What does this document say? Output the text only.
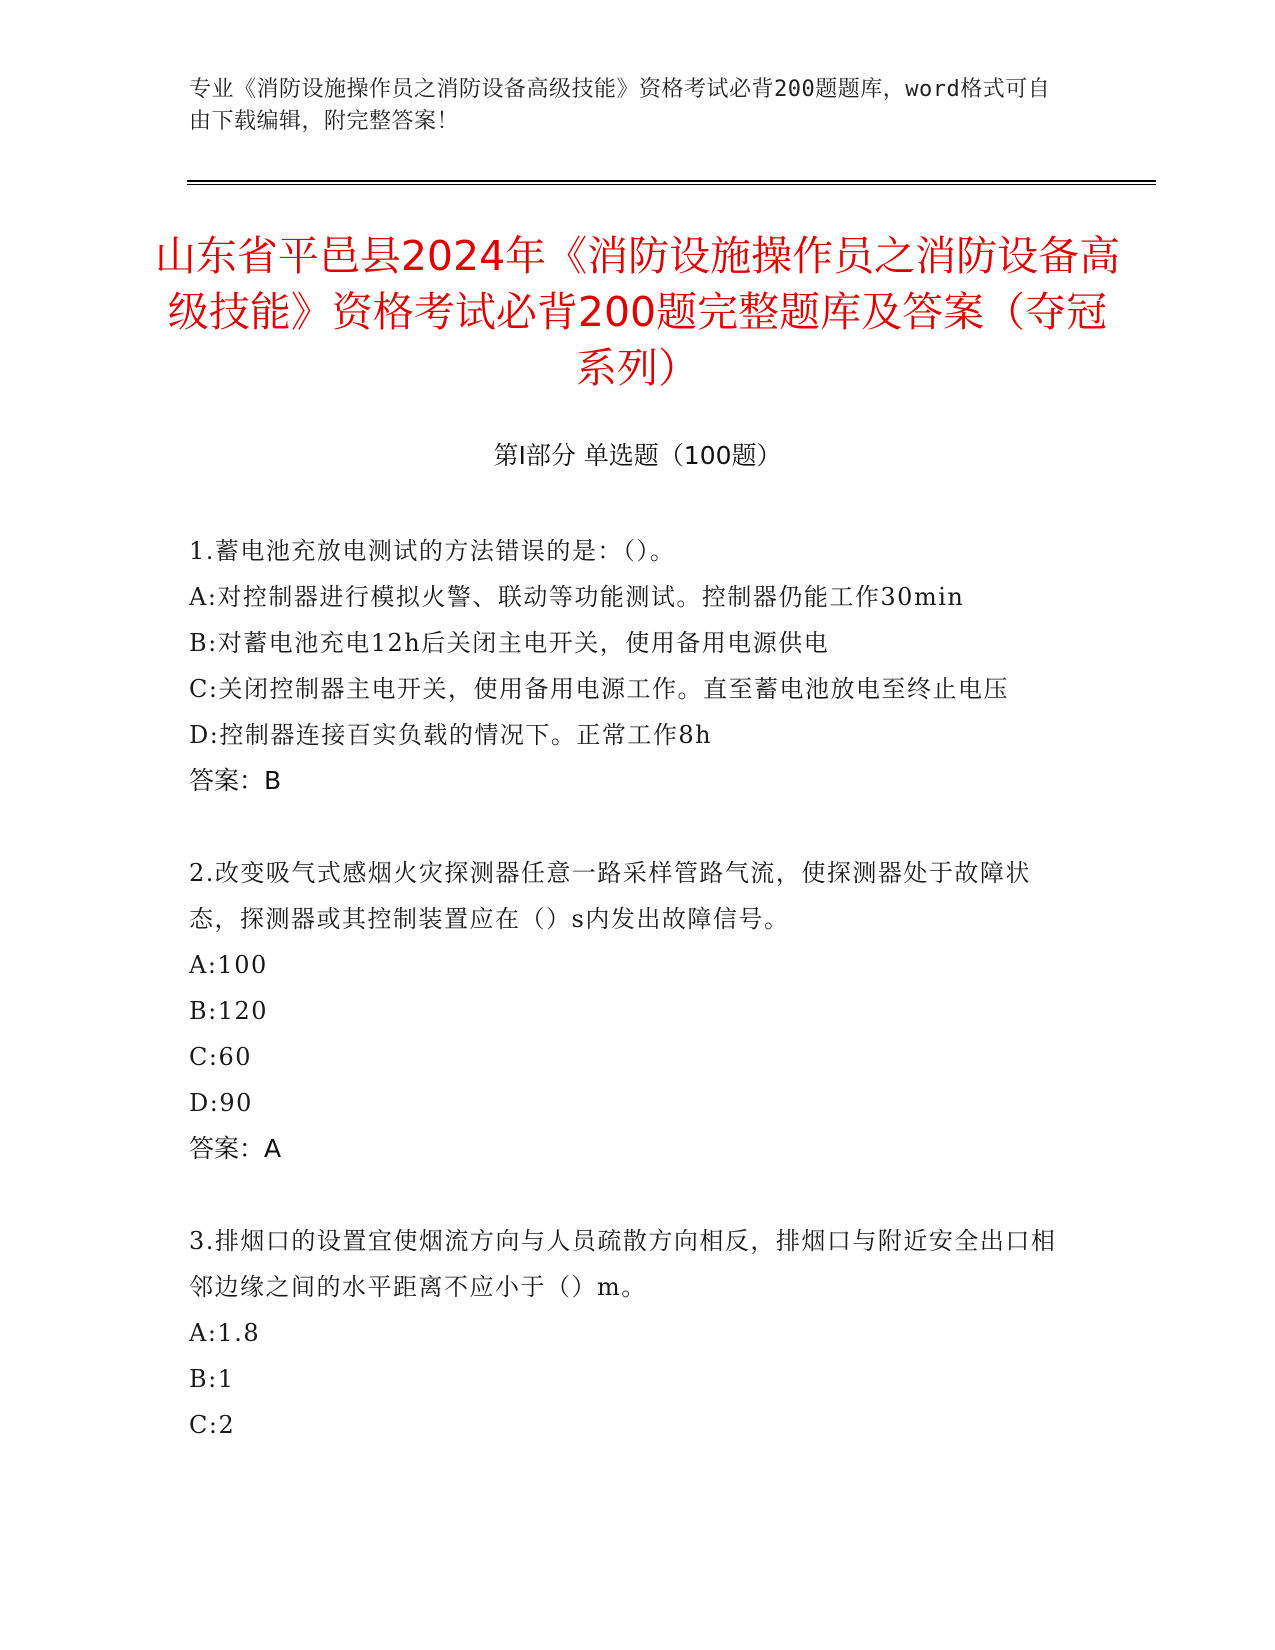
专业《消防设施操作员之消防设备高级技能》资格考试必背200题题库，word格式可自由下载编辑，附完整答案！
山东省平邑县2024年《消防设施操作员之消防设备高级技能》资格考试必背200题完整题库及答案（夺冠系列）
第Ⅰ部分 单选题（100题）
1.蓄电池充放电测试的方法错误的是：（）。
A:对控制器进行模拟火警、联动等功能测试。控制器仍能工作30min
B:对蓄电池充电12h后关闭主电开关，使用备用电源供电
C:关闭控制器主电开关，使用备用电源工作。直至蓄电池放电至终止电压
D:控制器连接百实负载的情况下。正常工作8h
答案：B
2.改变吸气式感烟火灾探测器任意一路采样管路气流，使探测器处于故障状态，探测器或其控制装置应在（）s内发出故障信号。
A:100
B:120
C:60
D:90
答案：A
3.排烟口的设置宜使烟流方向与人员疏散方向相反，排烟口与附近安全出口相邻边缘之间的水平距离不应小于（）m。
A:1.8
B:1
C:2
